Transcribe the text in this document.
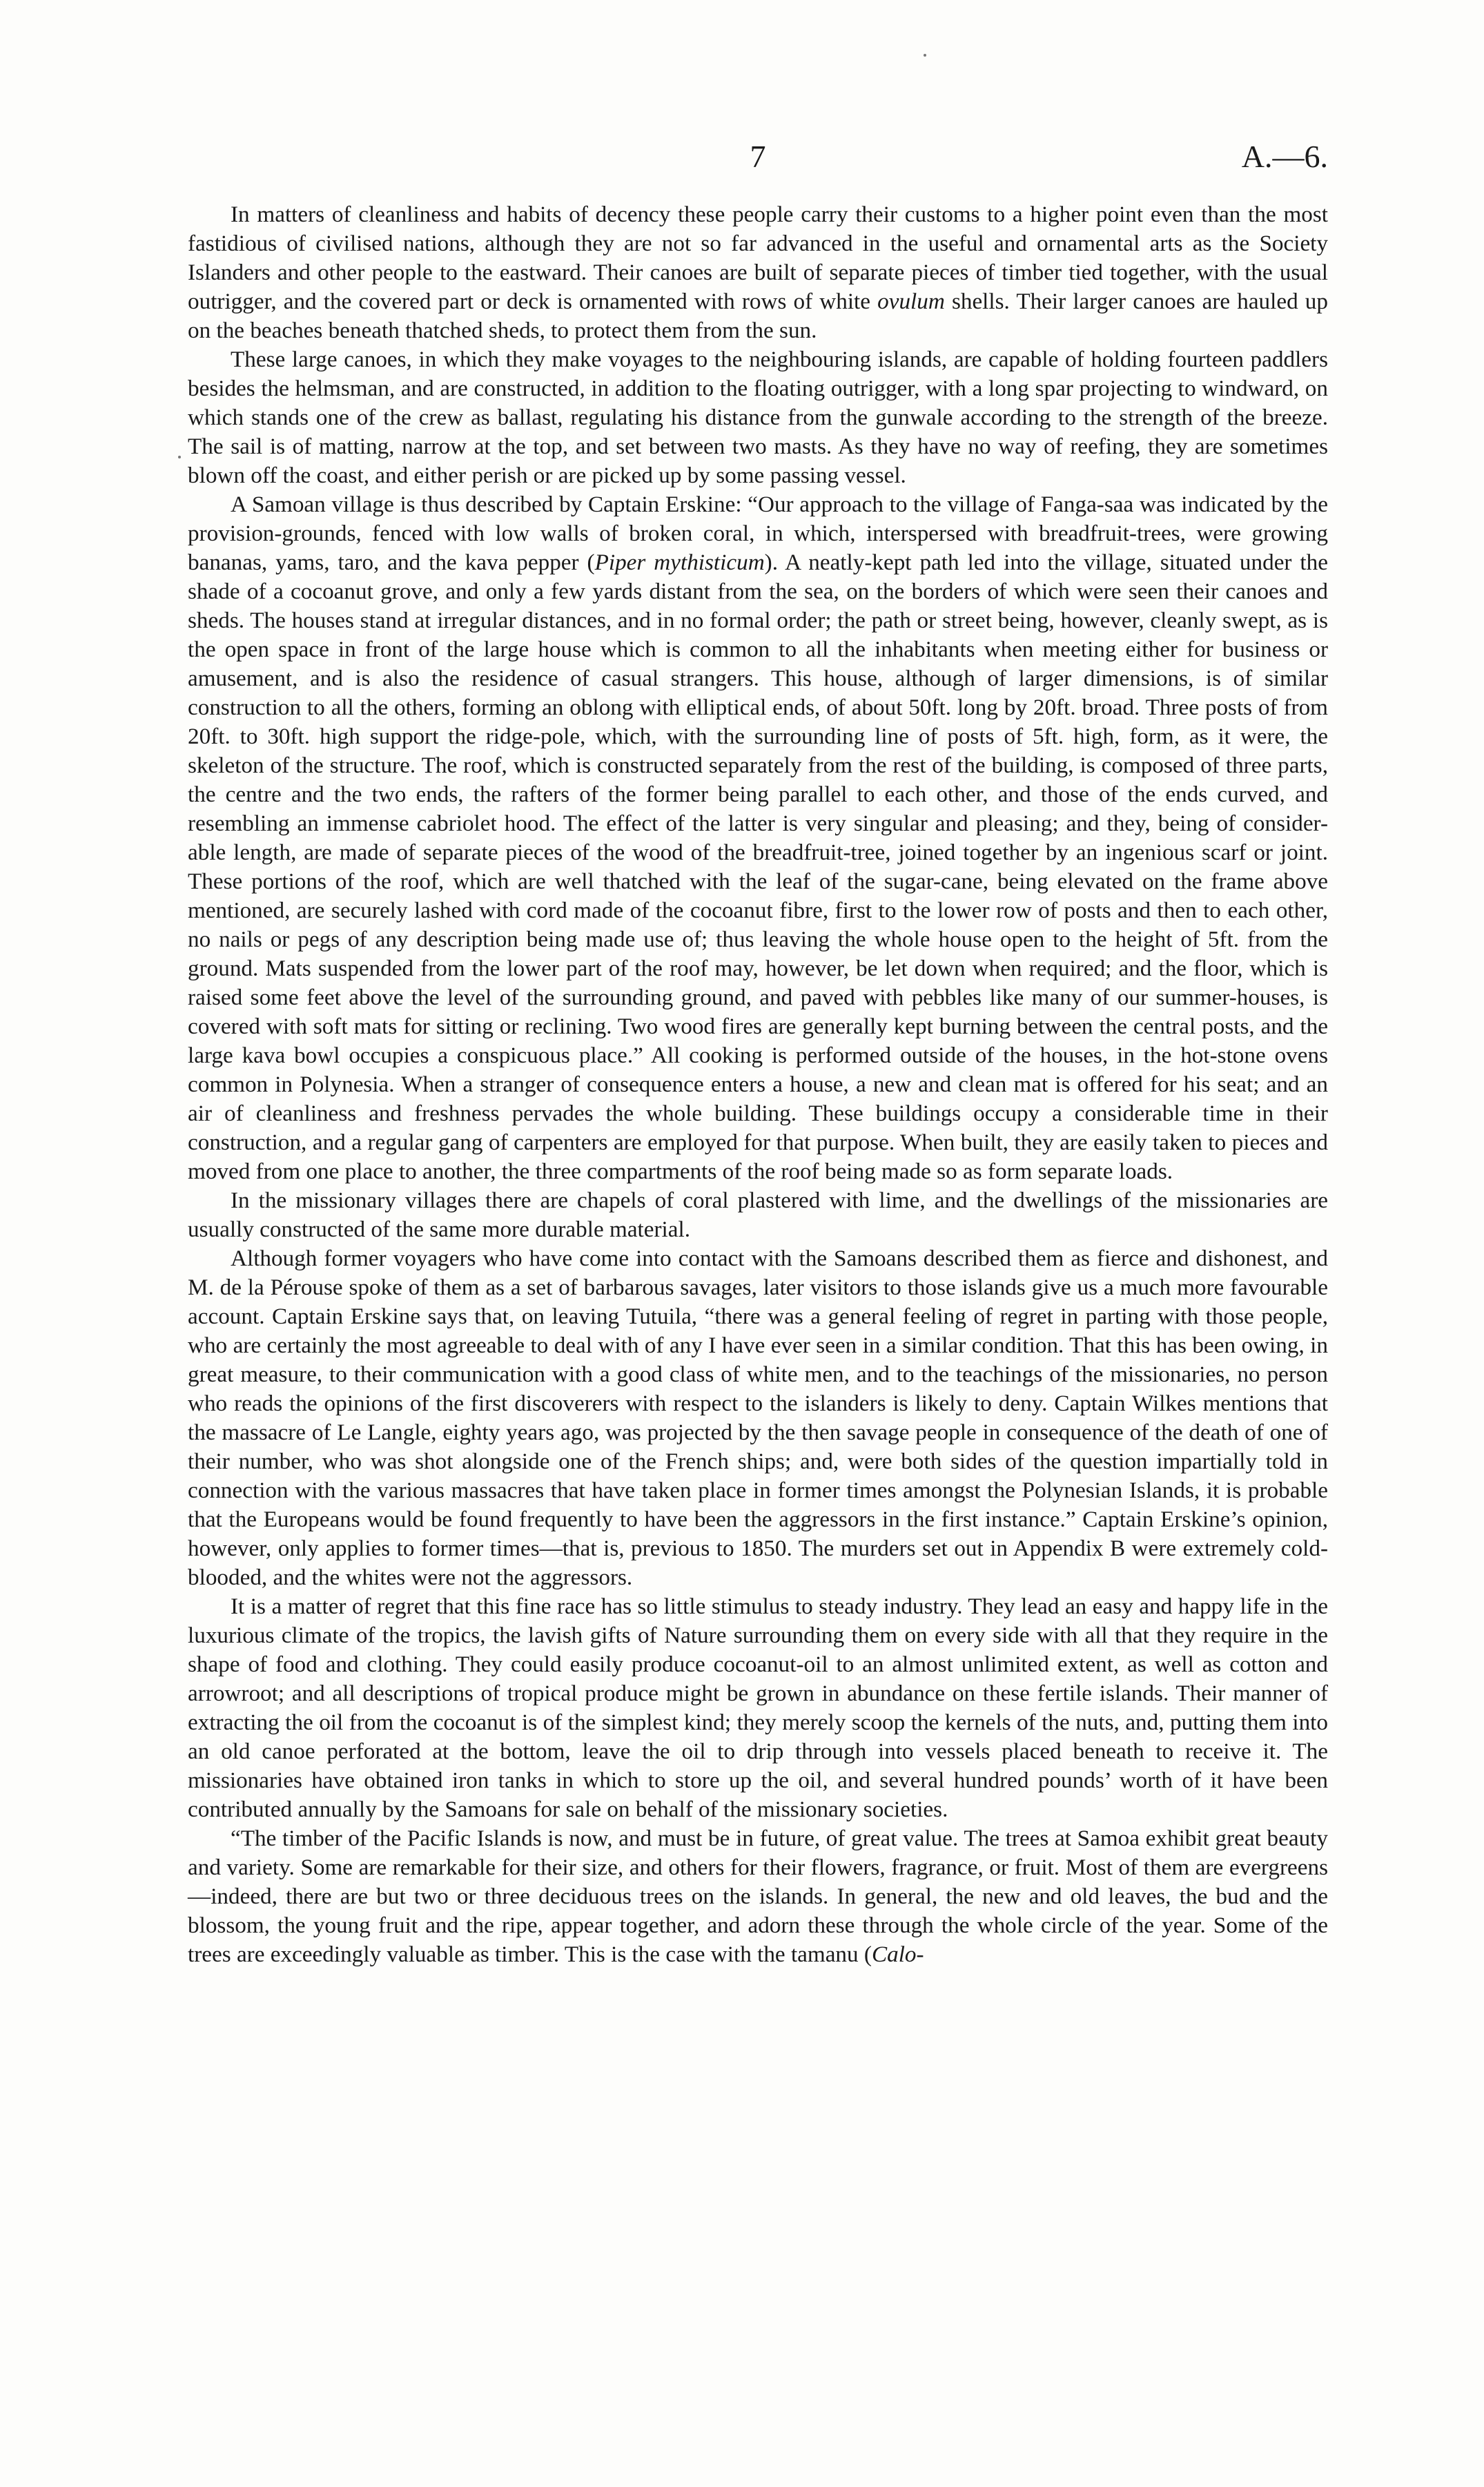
7	A.—6.

In matters of cleanliness and habits of decency these people carry their customs to a higher point even than the most fastidious of civilised nations, although they are not so far advanced in the useful and ornamental arts as the Society Islanders and other people to the eastward. Their canoes are built of separate pieces of timber tied together, with the usual outrigger, and the covered part or deck is ornamented with rows of white ovulum shells. Their larger canoes are hauled up on the beaches beneath thatched sheds, to protect them from the sun.

These large canoes, in which they make voyages to the neighbouring islands, are capable of holding fourteen paddlers besides the helmsman, and are constructed, in addition to the floating outrigger, with a long spar projecting to windward, on which stands one of the crew as ballast, regulating his distance from the gunwale according to the strength of the breeze. The sail is of matting, narrow at the top, and set between two masts. As they have no way of reefing, they are sometimes blown off the coast, and either perish or are picked up by some passing vessel.

A Samoan village is thus described by Captain Erskine: “Our approach to the village of Fanga-saa was indicated by the provision-grounds, fenced with low walls of broken coral, in which, interspersed with breadfruit-trees, were growing bananas, yams, taro, and the kava pepper (Piper mythisticum). A neatly-kept path led into the village, situated under the shade of a cocoanut grove, and only a few yards distant from the sea, on the borders of which were seen their canoes and sheds. The houses stand at irregular distances, and in no formal order; the path or street being, however, cleanly swept, as is the open space in front of the large house which is common to all the inhabitants when meeting either for business or amusement, and is also the residence of casual strangers. This house, although of larger dimensions, is of similar construction to all the others, forming an oblong with elliptical ends, of about 50ft. long by 20ft. broad. Three posts of from 20ft. to 30ft. high support the ridge-pole, which, with the surrounding line of posts of 5ft. high, form, as it were, the skeleton of the structure. The roof, which is constructed separately from the rest of the building, is composed of three parts, the centre and the two ends, the rafters of the former being parallel to each other, and those of the ends curved, and resembling an immense cabriolet hood. The effect of the latter is very singular and pleasing; and they, being of consider-able length, are made of separate pieces of the wood of the breadfruit-tree, joined together by an ingenious scarf or joint. These portions of the roof, which are well thatched with the leaf of the sugar-cane, being elevated on the frame above mentioned, are securely lashed with cord made of the cocoanut fibre, first to the lower row of posts and then to each other, no nails or pegs of any description being made use of; thus leaving the whole house open to the height of 5ft. from the ground. Mats suspended from the lower part of the roof may, however, be let down when required; and the floor, which is raised some feet above the level of the surrounding ground, and paved with pebbles like many of our summer-houses, is covered with soft mats for sitting or reclining. Two wood fires are generally kept burning between the central posts, and the large kava bowl occupies a conspicuous place.” All cooking is performed outside of the houses, in the hot-stone ovens common in Polynesia. When a stranger of consequence enters a house, a new and clean mat is offered for his seat; and an air of cleanliness and freshness pervades the whole building. These buildings occupy a considerable time in their construction, and a regular gang of carpenters are employed for that purpose. When built, they are easily taken to pieces and moved from one place to another, the three compartments of the roof being made so as form separate loads.

In the missionary villages there are chapels of coral plastered with lime, and the dwellings of the missionaries are usually constructed of the same more durable material.

Although former voyagers who have come into contact with the Samoans described them as fierce and dishonest, and M. de la Pérouse spoke of them as a set of barbarous savages, later visitors to those islands give us a much more favourable account. Captain Erskine says that, on leaving Tutuila, “there was a general feeling of regret in parting with those people, who are certainly the most agreeable to deal with of any I have ever seen in a similar condition. That this has been owing, in great measure, to their communication with a good class of white men, and to the teachings of the missionaries, no person who reads the opinions of the first discoverers with respect to the islanders is likely to deny. Captain Wilkes mentions that the massacre of Le Langle, eighty years ago, was projected by the then savage people in consequence of the death of one of their number, who was shot alongside one of the French ships; and, were both sides of the question impartially told in connection with the various massacres that have taken place in former times amongst the Polynesian Islands, it is probable that the Europeans would be found frequently to have been the aggressors in the first instance.” Captain Erskine’s opinion, however, only applies to former times—that is, previous to 1850. The murders set out in Appendix B were extremely cold-blooded, and the whites were not the aggressors.

It is a matter of regret that this fine race has so little stimulus to steady industry. They lead an easy and happy life in the luxurious climate of the tropics, the lavish gifts of Nature surrounding them on every side with all that they require in the shape of food and clothing. They could easily produce cocoanut-oil to an almost unlimited extent, as well as cotton and arrowroot; and all descriptions of tropical produce might be grown in abundance on these fertile islands. Their manner of extracting the oil from the cocoanut is of the simplest kind; they merely scoop the kernels of the nuts, and, putting them into an old canoe perforated at the bottom, leave the oil to drip through into vessels placed beneath to receive it. The missionaries have obtained iron tanks in which to store up the oil, and several hundred pounds’ worth of it have been contributed annually by the Samoans for sale on behalf of the missionary societies.

“The timber of the Pacific Islands is now, and must be in future, of great value. The trees at Samoa exhibit great beauty and variety. Some are remarkable for their size, and others for their flowers, fragrance, or fruit. Most of them are evergreens—indeed, there are but two or three deciduous trees on the islands. In general, the new and old leaves, the bud and the blossom, the young fruit and the ripe, appear together, and adorn these through the whole circle of the year. Some of the trees are exceedingly valuable as timber. This is the case with the tamanu (Calo-
